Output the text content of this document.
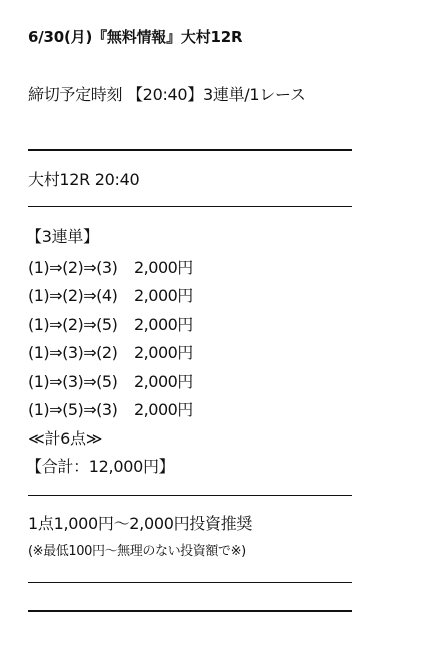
6/30(月)『無料情報』大村12R
締切予定時刻 【20:40】3連単/1レース
大村12R 20:40
【3連単】
(1)⇒(2)⇒(3) 2,000円
(1)⇒(2)⇒(4) 2,000円
(1)⇒(2)⇒(5) 2,000円
(1)⇒(3)⇒(2) 2,000円
(1)⇒(3)⇒(5) 2,000円
(1)⇒(5)⇒(3) 2,000円
≪計6点≫
【合計：12,000円】
1点1,000円〜2,000円投資推奨
(※最低100円〜無理のない投資額で※)
